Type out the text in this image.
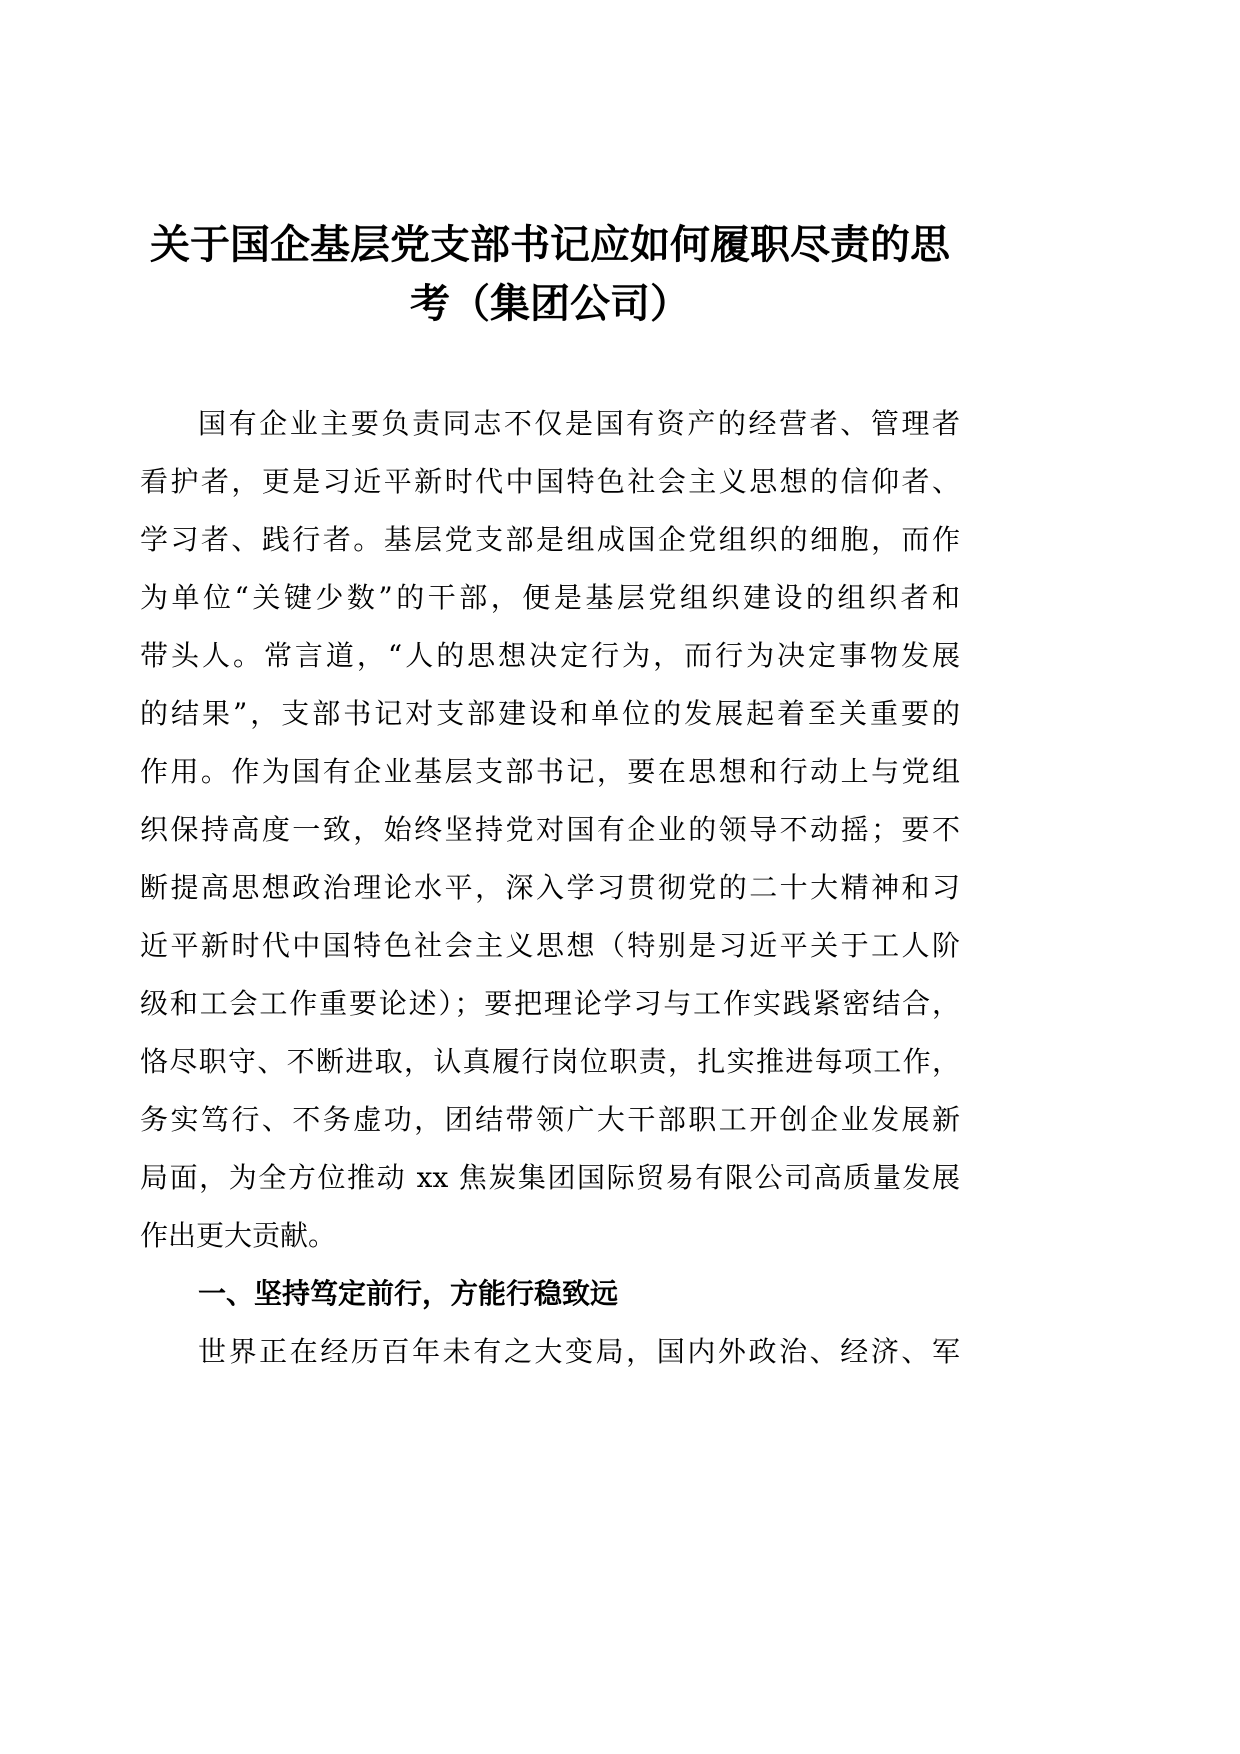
关于国企基层党支部书记应如何履职尽责的思
考（集团公司）
国有企业主要负责同志不仅是国有资产的经营者、管理者
看护者，更是习近平新时代中国特色社会主义思想的信仰者、
学习者、践行者。基层党支部是组成国企党组织的细胞，而作
为单位“关键少数”的干部，便是基层党组织建设的组织者和
带头人。常言道，“人的思想决定行为，而行为决定事物发展
的结果”，支部书记对支部建设和单位的发展起着至关重要的
作用。作为国有企业基层支部书记，要在思想和行动上与党组
织保持高度一致，始终坚持党对国有企业的领导不动摇；要不
断提高思想政治理论水平，深入学习贯彻党的二十大精神和习
近平新时代中国特色社会主义思想（特别是习近平关于工人阶
级和工会工作重要论述）；要把理论学习与工作实践紧密结合，
恪尽职守、不断进取，认真履行岗位职责，扎实推进每项工作，
务实笃行、不务虚功，团结带领广大干部职工开创企业发展新
局面，为全方位推动 xx 焦炭集团国际贸易有限公司高质量发展
作出更大贡献。
一、坚持笃定前行，方能行稳致远
世界正在经历百年未有之大变局，国内外政治、经济、军
